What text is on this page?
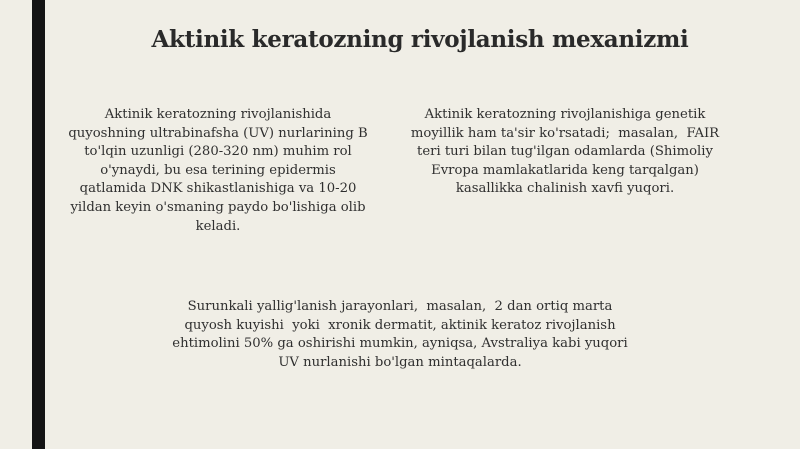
Aktinik keratozning rivojlanish mexanizmi

Aktinik keratozning rivojlanishida
quyoshning ultrabinafsha (UV) nurlarining B
to'lqin uzunligi (280-320 nm) muhim rol
o'ynaydi, bu esa terining epidermis
qatlamida DNK shikastlanishiga va 10-20
yildan keyin o'smaning paydo bo'lishiga olib
keladi.

Aktinik keratozning rivojlanishiga genetik
moyillik ham ta'sir ko'rsatadi;  masalan,  FAIR
teri turi bilan tug'ilgan odamlarda (Shimoliy
Evropa mamlakatlarida keng tarqalgan)
kasallikka chalinish xavfi yuqori.

Surunkali yallig'lanish jarayonlari,  masalan,  2 dan ortiq marta
quyosh kuyishi  yoki  xronik dermatit, aktinik keratoz rivojlanish
ehtimolini 50% ga oshirishi mumkin, ayniqsa, Avstraliya kabi yuqori
UV nurlanishi bo'lgan mintaqalarda.
